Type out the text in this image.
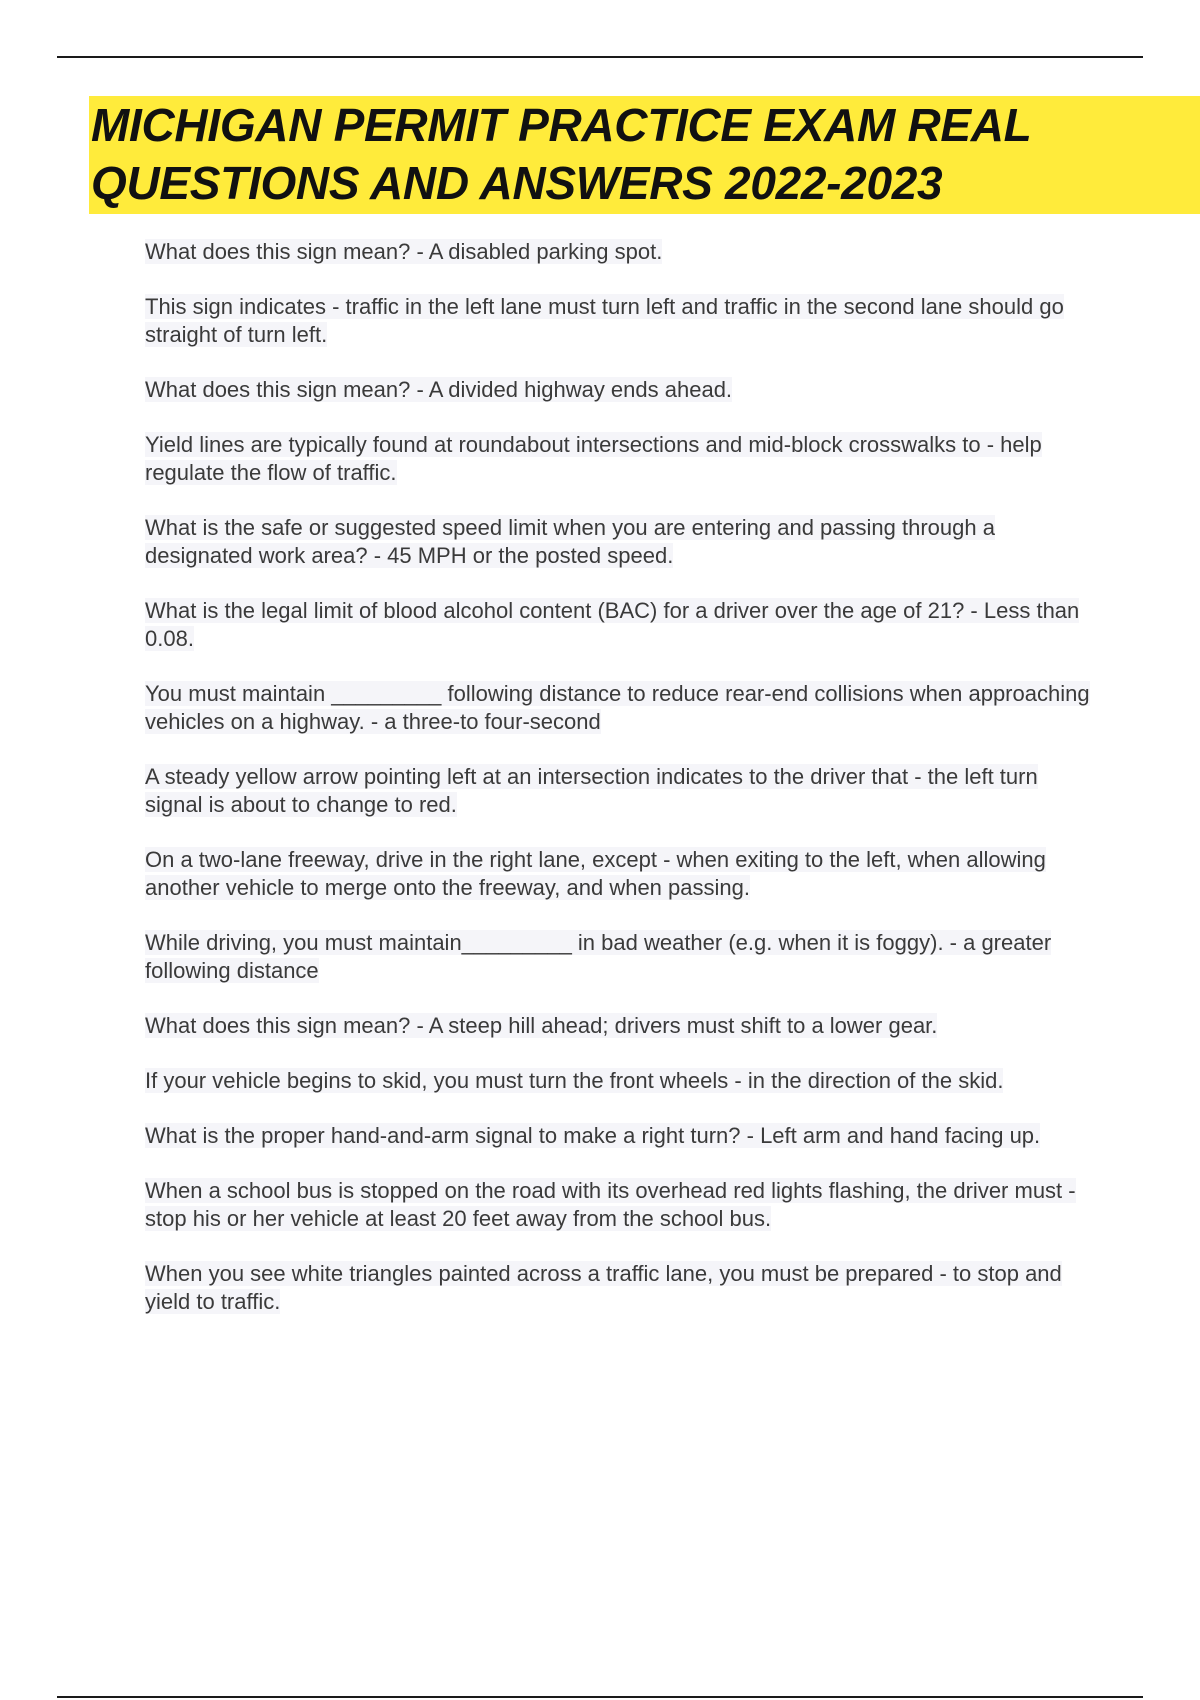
MICHIGAN PERMIT PRACTICE EXAM REAL QUESTIONS AND ANSWERS 2022-2023
What does this sign mean? - A disabled parking spot.
This sign indicates - traffic in the left lane must turn left and traffic in the second lane should go straight of turn left.
What does this sign mean? - A divided highway ends ahead.
Yield lines are typically found at roundabout intersections and mid-block crosswalks to - help regulate the flow of traffic.
What is the safe or suggested speed limit when you are entering and passing through a designated work area? - 45 MPH or the posted speed.
What is the legal limit of blood alcohol content (BAC) for a driver over the age of 21? - Less than 0.08.
You must maintain _________ following distance to reduce rear-end collisions when approaching vehicles on a highway. - a three-to four-second
A steady yellow arrow pointing left at an intersection indicates to the driver that - the left turn signal is about to change to red.
On a two-lane freeway, drive in the right lane, except - when exiting to the left, when allowing another vehicle to merge onto the freeway, and when passing.
While driving, you must maintain_________ in bad weather (e.g. when it is foggy). - a greater following distance
What does this sign mean? - A steep hill ahead; drivers must shift to a lower gear.
If your vehicle begins to skid, you must turn the front wheels - in the direction of the skid.
What is the proper hand-and-arm signal to make a right turn? - Left arm and hand facing up.
When a school bus is stopped on the road with its overhead red lights flashing, the driver must - stop his or her vehicle at least 20 feet away from the school bus.
When you see white triangles painted across a traffic lane, you must be prepared - to stop and yield to traffic.
